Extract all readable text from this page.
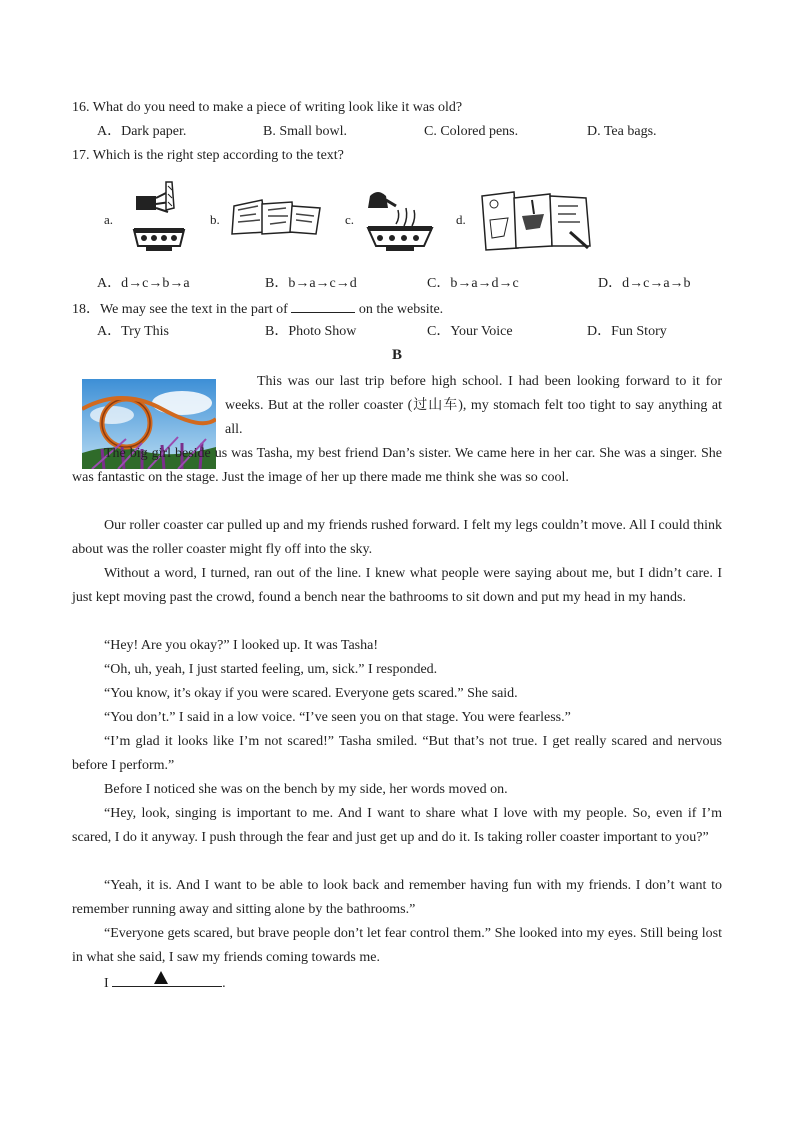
16. What do you need to make a piece of writing look like it was old?
A．Dark paper.	B. Small bowl.	C. Colored pens.	D. Tea bags.
17. Which is the right step according to the text?
a.	b.	c.	d.
A．d→c→b→a	B．b→a→c→d	C．b→a→d→c	D．d→c→a→b
18．We may see the text in the part of	on the website.
A．Try This	B．Photo Show	C．Your Voice	D．Fun Story
B
This was our last trip before high school. I had been looking forward to it for weeks. But at the roller coaster (过山车), my stomach felt too tight to say anything at all.
The big girl beside us was Tasha, my best friend Dan’s sister. We came here in her car. She was a singer. She was fantastic on the stage. Just the image of her up there made me think she was so cool.
Our roller coaster car pulled up and my friends rushed forward. I felt my legs couldn’t move. All I could think about was the roller coaster might fly off into the sky.
Without a word, I turned, ran out of the line. I knew what people were saying about me, but I didn’t care. I just kept moving past the crowd, found a bench near the bathrooms to sit down and put my head in my hands.
“Hey! Are you okay?” I looked up. It was Tasha!
“Oh, uh, yeah, I just started feeling, um, sick.” I responded.
“You know, it’s okay if you were scared. Everyone gets scared.” She said.
“You don’t.” I said in a low voice. “I’ve seen you on that stage. You were fearless.”
“I’m glad it looks like I’m not scared!” Tasha smiled. “But that’s not true. I get really scared and nervous before I perform.”
Before I noticed she was on the bench by my side, her words moved on.
“Hey, look, singing is important to me. And I want to share what I love with my people. So, even if I’m scared, I do it anyway. I push through the fear and just get up and do it. Is taking roller coaster important to you?”
“Yeah, it is. And I want to be able to look back and remember having fun with my friends. I don’t want to remember running away and sitting alone by the bathrooms.”
“Everyone gets scared, but brave people don’t let fear control them.” She looked into my eyes. Still being lost in what she said, I saw my friends coming towards me.
I	.
